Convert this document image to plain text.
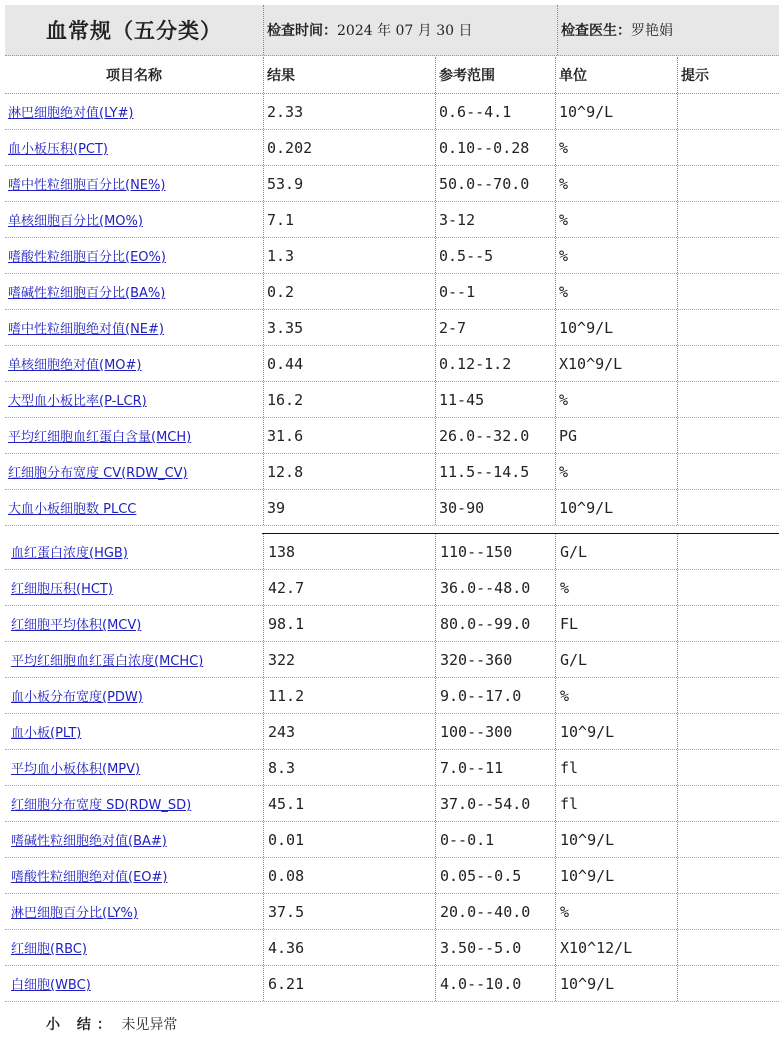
血常规（五分类）	检查时间： 2024 年 07 月 30 日	检查医生： 罗艳娟
项目名称	结果	参考范围	单位	提示
淋巴细胞绝对值(LY#)	2.33	0.6--4.1	10^9/L
血小板压积(PCT)	0.202	0.10--0.28	%
嗜中性粒细胞百分比(NE%)	53.9	50.0--70.0	%
单核细胞百分比(MO%)	7.1	3-12	%
嗜酸性粒细胞百分比(EO%)	1.3	0.5--5	%
嗜碱性粒细胞百分比(BA%)	0.2	0--1	%
嗜中性粒细胞绝对值(NE#)	3.35	2-7	10^9/L
单核细胞绝对值(MO#)	0.44	0.12-1.2	X10^9/L
大型血小板比率(P-LCR)	16.2	11-45	%
平均红细胞血红蛋白含量(MCH)	31.6	26.0--32.0	PG
红细胞分布宽度 CV(RDW_CV)	12.8	11.5--14.5	%
大血小板细胞数 PLCC	39	30-90	10^9/L
血红蛋白浓度(HGB)	138	110--150	G/L
红细胞压积(HCT)	42.7	36.0--48.0	%
红细胞平均体积(MCV)	98.1	80.0--99.0	FL
平均红细胞血红蛋白浓度(MCHC)	322	320--360	G/L
血小板分布宽度(PDW)	11.2	9.0--17.0	%
血小板(PLT)	243	100--300	10^9/L
平均血小板体积(MPV)	8.3	7.0--11	fl
红细胞分布宽度 SD(RDW_SD)	45.1	37.0--54.0	fl
嗜碱性粒细胞绝对值(BA#)	0.01	0--0.1	10^9/L
嗜酸性粒细胞绝对值(EO#)	0.08	0.05--0.5	10^9/L
淋巴细胞百分比(LY%)	37.5	20.0--40.0	%
红细胞(RBC)	4.36	3.50--5.0	X10^12/L
白细胞(WBC)	6.21	4.0--10.0	10^9/L
小 结： 未见异常
